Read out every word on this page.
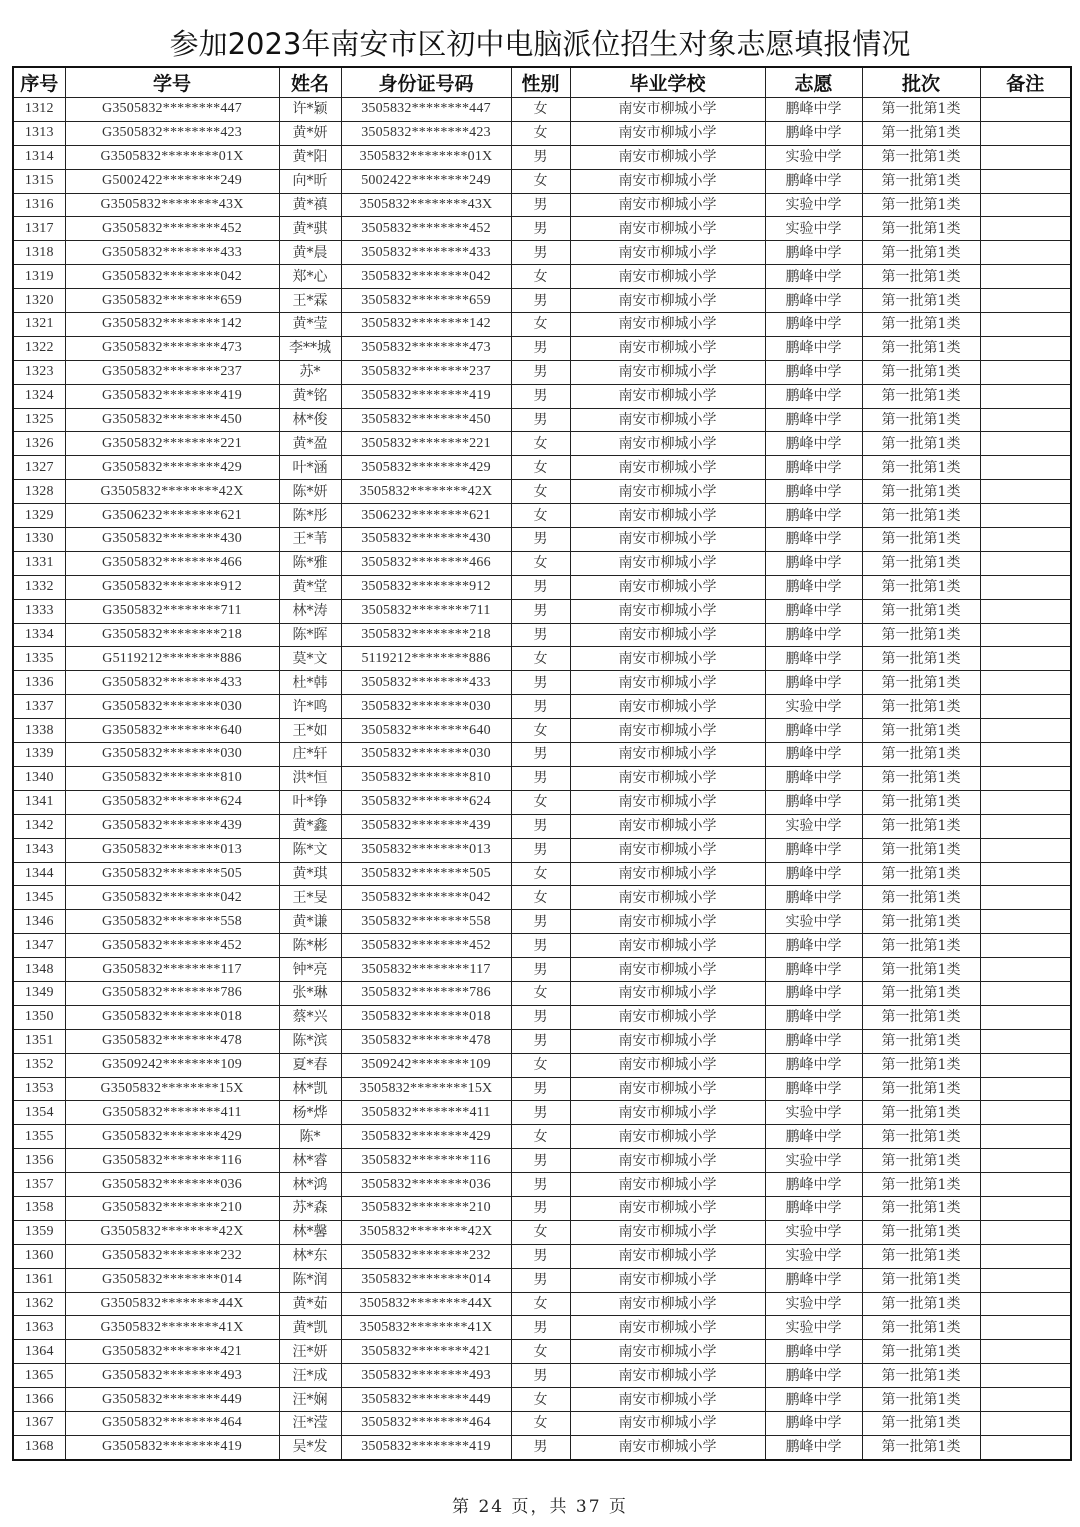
参加2023年南安市区初中电脑派位招生对象志愿填报情况
序号	学号	姓名	身份证号码	性别	毕业学校	志愿	批次	备注
1312	G3505832********447	许*颖	3505832********447	女	南安市柳城小学	鹏峰中学	第一批第1类	
1313	G3505832********423	黄*妍	3505832********423	女	南安市柳城小学	鹏峰中学	第一批第1类	
1314	G3505832********01X	黄*阳	3505832********01X	男	南安市柳城小学	实验中学	第一批第1类	
1315	G5002422********249	向*昕	5002422********249	女	南安市柳城小学	鹏峰中学	第一批第1类	
1316	G3505832********43X	黄*禛	3505832********43X	男	南安市柳城小学	实验中学	第一批第1类	
1317	G3505832********452	黄*骐	3505832********452	男	南安市柳城小学	实验中学	第一批第1类	
1318	G3505832********433	黄*晨	3505832********433	男	南安市柳城小学	鹏峰中学	第一批第1类	
1319	G3505832********042	郑*心	3505832********042	女	南安市柳城小学	鹏峰中学	第一批第1类	
1320	G3505832********659	王*霖	3505832********659	男	南安市柳城小学	鹏峰中学	第一批第1类	
1321	G3505832********142	黄*莹	3505832********142	女	南安市柳城小学	鹏峰中学	第一批第1类	
1322	G3505832********473	李**城	3505832********473	男	南安市柳城小学	鹏峰中学	第一批第1类	
1323	G3505832********237	苏*	3505832********237	男	南安市柳城小学	鹏峰中学	第一批第1类	
1324	G3505832********419	黄*铭	3505832********419	男	南安市柳城小学	鹏峰中学	第一批第1类	
1325	G3505832********450	林*俊	3505832********450	男	南安市柳城小学	鹏峰中学	第一批第1类	
1326	G3505832********221	黄*盈	3505832********221	女	南安市柳城小学	鹏峰中学	第一批第1类	
1327	G3505832********429	叶*涵	3505832********429	女	南安市柳城小学	鹏峰中学	第一批第1类	
1328	G3505832********42X	陈*妍	3505832********42X	女	南安市柳城小学	鹏峰中学	第一批第1类	
1329	G3506232********621	陈*彤	3506232********621	女	南安市柳城小学	鹏峰中学	第一批第1类	
1330	G3505832********430	王*苇	3505832********430	男	南安市柳城小学	鹏峰中学	第一批第1类	
1331	G3505832********466	陈*雅	3505832********466	女	南安市柳城小学	鹏峰中学	第一批第1类	
1332	G3505832********912	黄*堂	3505832********912	男	南安市柳城小学	鹏峰中学	第一批第1类	
1333	G3505832********711	林*涛	3505832********711	男	南安市柳城小学	鹏峰中学	第一批第1类	
1334	G3505832********218	陈*晖	3505832********218	男	南安市柳城小学	鹏峰中学	第一批第1类	
1335	G5119212********886	莫*文	5119212********886	女	南安市柳城小学	鹏峰中学	第一批第1类	
1336	G3505832********433	杜*韩	3505832********433	男	南安市柳城小学	鹏峰中学	第一批第1类	
1337	G3505832********030	许*鸣	3505832********030	男	南安市柳城小学	实验中学	第一批第1类	
1338	G3505832********640	王*如	3505832********640	女	南安市柳城小学	鹏峰中学	第一批第1类	
1339	G3505832********030	庄*轩	3505832********030	男	南安市柳城小学	鹏峰中学	第一批第1类	
1340	G3505832********810	洪*恒	3505832********810	男	南安市柳城小学	鹏峰中学	第一批第1类	
1341	G3505832********624	叶*铮	3505832********624	女	南安市柳城小学	鹏峰中学	第一批第1类	
1342	G3505832********439	黄*鑫	3505832********439	男	南安市柳城小学	实验中学	第一批第1类	
1343	G3505832********013	陈*文	3505832********013	男	南安市柳城小学	鹏峰中学	第一批第1类	
1344	G3505832********505	黄*琪	3505832********505	女	南安市柳城小学	鹏峰中学	第一批第1类	
1345	G3505832********042	王*旻	3505832********042	女	南安市柳城小学	鹏峰中学	第一批第1类	
1346	G3505832********558	黄*谦	3505832********558	男	南安市柳城小学	实验中学	第一批第1类	
1347	G3505832********452	陈*彬	3505832********452	男	南安市柳城小学	鹏峰中学	第一批第1类	
1348	G3505832********117	钟*亮	3505832********117	男	南安市柳城小学	鹏峰中学	第一批第1类	
1349	G3505832********786	张*琳	3505832********786	女	南安市柳城小学	鹏峰中学	第一批第1类	
1350	G3505832********018	蔡*兴	3505832********018	男	南安市柳城小学	鹏峰中学	第一批第1类	
1351	G3505832********478	陈*滨	3505832********478	男	南安市柳城小学	鹏峰中学	第一批第1类	
1352	G3509242********109	夏*春	3509242********109	女	南安市柳城小学	鹏峰中学	第一批第1类	
1353	G3505832********15X	林*凯	3505832********15X	男	南安市柳城小学	鹏峰中学	第一批第1类	
1354	G3505832********411	杨*烨	3505832********411	男	南安市柳城小学	实验中学	第一批第1类	
1355	G3505832********429	陈*	3505832********429	女	南安市柳城小学	鹏峰中学	第一批第1类	
1356	G3505832********116	林*睿	3505832********116	男	南安市柳城小学	实验中学	第一批第1类	
1357	G3505832********036	林*鸿	3505832********036	男	南安市柳城小学	鹏峰中学	第一批第1类	
1358	G3505832********210	苏*森	3505832********210	男	南安市柳城小学	鹏峰中学	第一批第1类	
1359	G3505832********42X	林*馨	3505832********42X	女	南安市柳城小学	实验中学	第一批第1类	
1360	G3505832********232	林*东	3505832********232	男	南安市柳城小学	实验中学	第一批第1类	
1361	G3505832********014	陈*润	3505832********014	男	南安市柳城小学	鹏峰中学	第一批第1类	
1362	G3505832********44X	黄*茹	3505832********44X	女	南安市柳城小学	实验中学	第一批第1类	
1363	G3505832********41X	黄*凯	3505832********41X	男	南安市柳城小学	实验中学	第一批第1类	
1364	G3505832********421	汪*妍	3505832********421	女	南安市柳城小学	鹏峰中学	第一批第1类	
1365	G3505832********493	汪*成	3505832********493	男	南安市柳城小学	鹏峰中学	第一批第1类	
1366	G3505832********449	汪*娴	3505832********449	女	南安市柳城小学	鹏峰中学	第一批第1类	
1367	G3505832********464	汪*滢	3505832********464	女	南安市柳城小学	鹏峰中学	第一批第1类	
1368	G3505832********419	吴*发	3505832********419	男	南安市柳城小学	鹏峰中学	第一批第1类	
第 24 页，共 37 页
